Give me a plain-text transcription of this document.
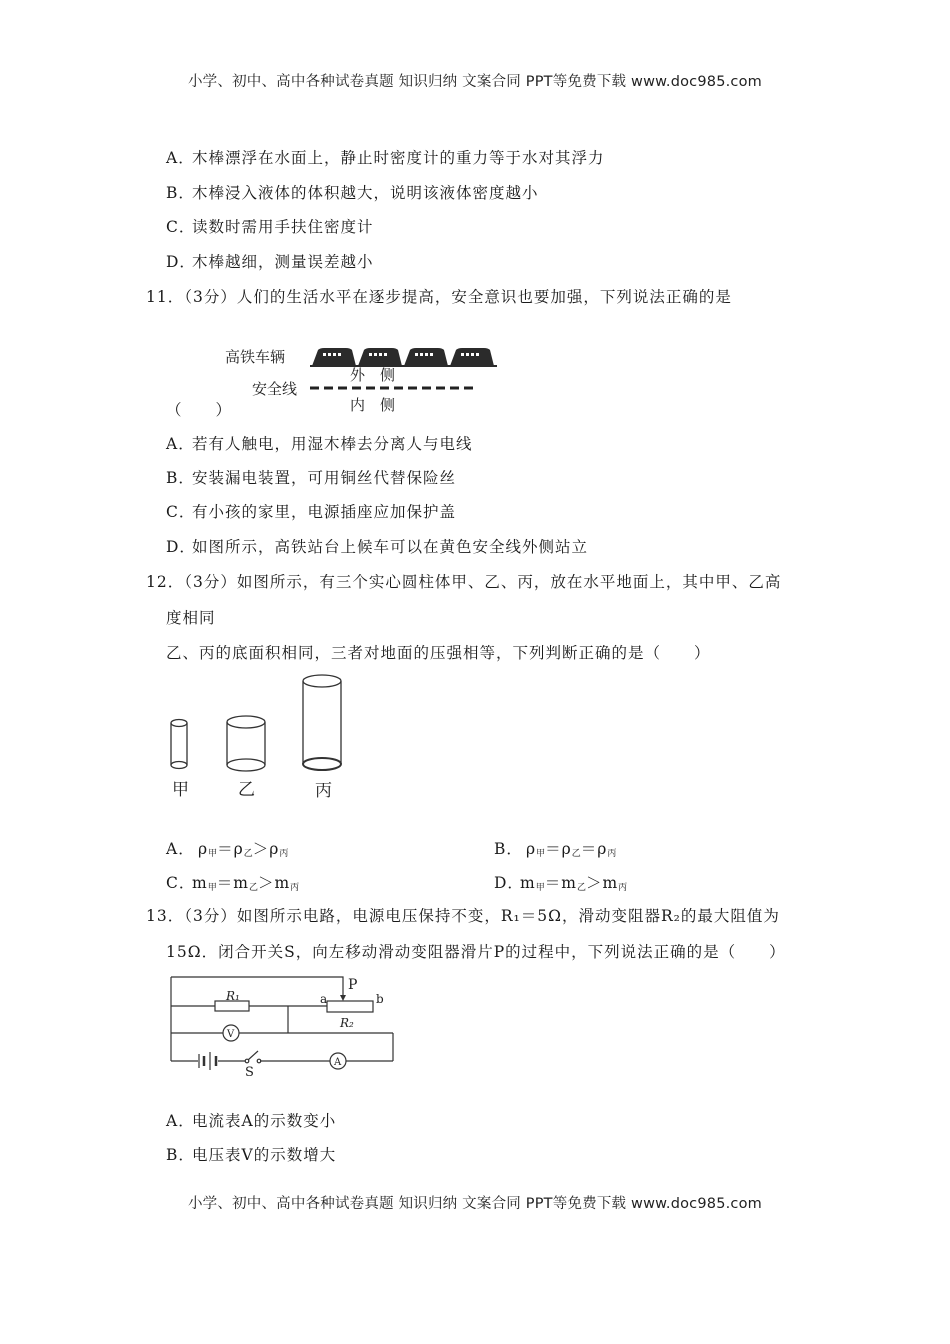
小学、初中、高中各种试卷真题 知识归纳 文案合同 PPT等免费下载 www.doc985.com
A．木棒漂浮在水面上，静止时密度计的重力等于水对其浮力
B．木棒浸入液体的体积越大，说明该液体密度越小
C．读数时需用手扶住密度计
D．木棒越细，测量误差越小
11．（3分）人们的生活水平在逐步提高，安全意识也要加强，下列说法正确的是
高铁车辆
外　侧
安全线
内　侧
（　　）
A．若有人触电，用湿木棒去分离人与电线
B．安装漏电装置，可用铜丝代替保险丝
C．有小孩的家里，电源插座应加保护盖
D．如图所示，高铁站台上候车可以在黄色安全线外侧站立
12．（3分）如图所示，有三个实心圆柱体甲、乙、丙，放在水平地面上，其中甲、乙高
度相同
乙、丙的底面积相同，三者对地面的压强相等，下列判断正确的是（　　）
甲	乙	丙
A． $\rho_甲=\rho_乙>\rho_丙$	B． $\rho_甲=\rho_乙=\rho_丙$
C．$m_甲=m_乙>m_丙$	D．$m_甲=m_乙>m_丙$
13．（3分）如图所示电路，电源电压保持不变，R₁＝5Ω，滑动变阻器R₂的最大阻值为
15Ω．闭合开关S，向左移动滑动变阻器滑片P的过程中，下列说法正确的是（　　）
P
R₁	a	b
R₂
V
A
S
A．电流表A的示数变小
B．电压表V的示数增大
小学、初中、高中各种试卷真题 知识归纳 文案合同 PPT等免费下载 www.doc985.com
